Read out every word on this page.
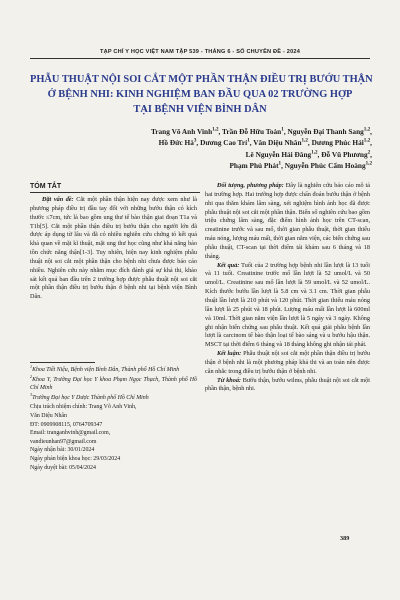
TẠP CHÍ Y HỌC VIỆT NAM TẬP 539 - THÁNG 6 - SỐ CHUYÊN ĐỀ - 2024
PHẪU THUẬT NỘI SOI CẮT MỘT PHẦN THẬN ĐIỀU TRỊ BƯỚU THẬN
Ở BỆNH NHI: KINH NGHIỆM BAN ĐẦU QUA 02 TRƯỜNG HỢP
TẠI BỆNH VIỆN BÌNH DÂN
Trang Võ Anh Vinh$^{1,2}$, Trần Đỗ Hữu Toàn$^1$, Nguyễn Đại Thanh Sang$^{1,2}$,
Hồ Đức $Hà^3$, Dương Cao Trí$^1$, Văn Diệu Nhân$^{1,2}$, Dương Phúc Hải$^{1,2}$,
Lê Nguyễn Hải Đăng$^{1,2}$, Đỗ Vũ Phương$^2$,
Phạm Phú Phát$^1$, Nguyễn Phúc Cẩm Hoàng$^{1,2}$
TÓM TẮT

Đặt vấn đề: Cắt một phần thận hiện nay được xem như là phương pháp điều trị đầu tay đối với những bướu thận có kích thước ≤7cm, tức là bao gồm ung thư tế bào thận giai đoạn T1a và T1b[5]. Cắt một phần thận điều trị bướu thận cho người lớn đã được áp dụng từ lâu và đã có nhiều nghiên cứu chứng tỏ kết quả khả quan về mặt kĩ thuật, mặt ung thư học cũng như khả năng bảo tồn chức năng thận[1-3]. Tuy nhiên, hiện nay kinh nghiệm phẫu thuật nội soi cắt một phần thận cho bệnh nhi chưa được báo cáo nhiều. Nghiên cứu này nhằm mục đích đánh giá sự khả thi, khảo sát kết quả ban đầu trên 2 trường hợp được phẫu thuật nội soi cắt một phần thận điều trị bướu thận ở bệnh nhi tại bệnh viện Bình Dân.

$^1$Khoa Tiết Niệu, Bệnh viện Bình Dân, Thành phố Hồ Chí Minh
$^2$Khoa Y, Trường Đại học Y khoa Phạm Ngọc Thạch, Thành phố Hồ Chí Minh
$^3$Trường Đại học Y Dược Thành phố Hồ Chí Minh
Chịu trách nhiệm chính: Trang Võ Anh Vinh,
Văn Diệu Nhân
ĐT: 0909908115, 0764709347
Email: tranganhvinh@gmail.com,
vandieunhan97@gmail.com
Ngày nhận bài: 30/01/2024
Ngày phản biện khoa học: 29/03/2024
Ngày duyệt bài: 05/04/2024

Đối tượng, phương pháp: Đây là nghiên cứu báo cáo mô tả hai trường hợp. Hai trường hợp được chẩn đoán bướu thận ở bệnh nhi qua thăm khám lâm sàng, xét nghiệm hình ảnh học đã được phẫu thuật nội soi cắt một phần thận. Biến số nghiên cứu bao gồm triệu chứng lâm sàng, đặc điểm hình ảnh học trên CT-scan, creatinine trước và sau mổ, thời gian phẫu thuật, thời gian thiếu máu nóng, lượng máu mất, thời gian nằm viện, các biến chứng sau phẫu thuật, CT-scan tại thời điểm tái khám sau 6 tháng và 18 tháng.

Kết quả: Tuổi của 2 trường hợp bệnh nhi lần lượt là 13 tuổi và 11 tuổi. Creatinine trước mổ lần lượt là 52 umol/L và 50 umol/L. Creatinine sau mổ lần lượt là 59 umol/L và 52 umol/L. Kích thước bướu lần lượt là 5.8 cm và 3.1 cm. Thời gian phẫu thuật lần lượt là 210 phút và 120 phút. Thời gian thiếu máu nóng lần lượt là 25 phút và 18 phút. Lượng máu mất lần lượt là 600ml và 10ml. Thời gian nằm viện lần lượt là 5 ngày và 3 ngày. Không ghi nhận biến chứng sau phẫu thuật. Kết quả giải phẫu bệnh lần lượt là carcinom tế bào thận loại tế bào sáng và u bướu hậu thận. MSCT tại thời điểm 6 tháng và 18 tháng không ghi nhận tái phát.

Kết luận: Phẫu thuật nội soi cắt một phần thận điều trị bướu thận ở bệnh nhi là một phương pháp khả thi và an toàn nên được cân nhắc trong điều trị bướu thận ở bệnh nhi.

Từ khoá: Bướu thận, bướu wilms, phẫu thuật nội soi cắt một phần thận, bệnh nhi.

389
